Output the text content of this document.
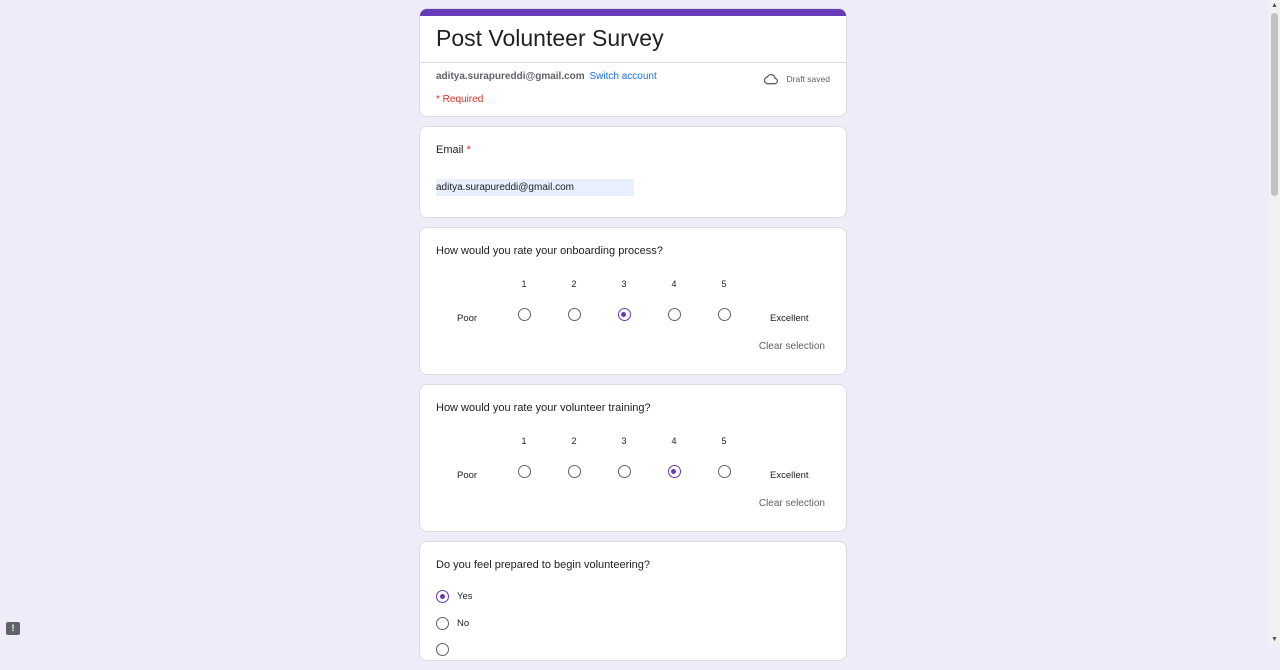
Post Volunteer Survey
aditya.surapureddi@gmail.com Switch account	Draft saved
* Required
Email *
aditya.surapureddi@gmail.com
How would you rate your onboarding process?
1	2	3	4	5
Poor	Excellent
Clear selection
How would you rate your volunteer training?
1	2	3	4	5
Poor	Excellent
Clear selection
Do you feel prepared to begin volunteering?
Yes
No
▲
▼
!
